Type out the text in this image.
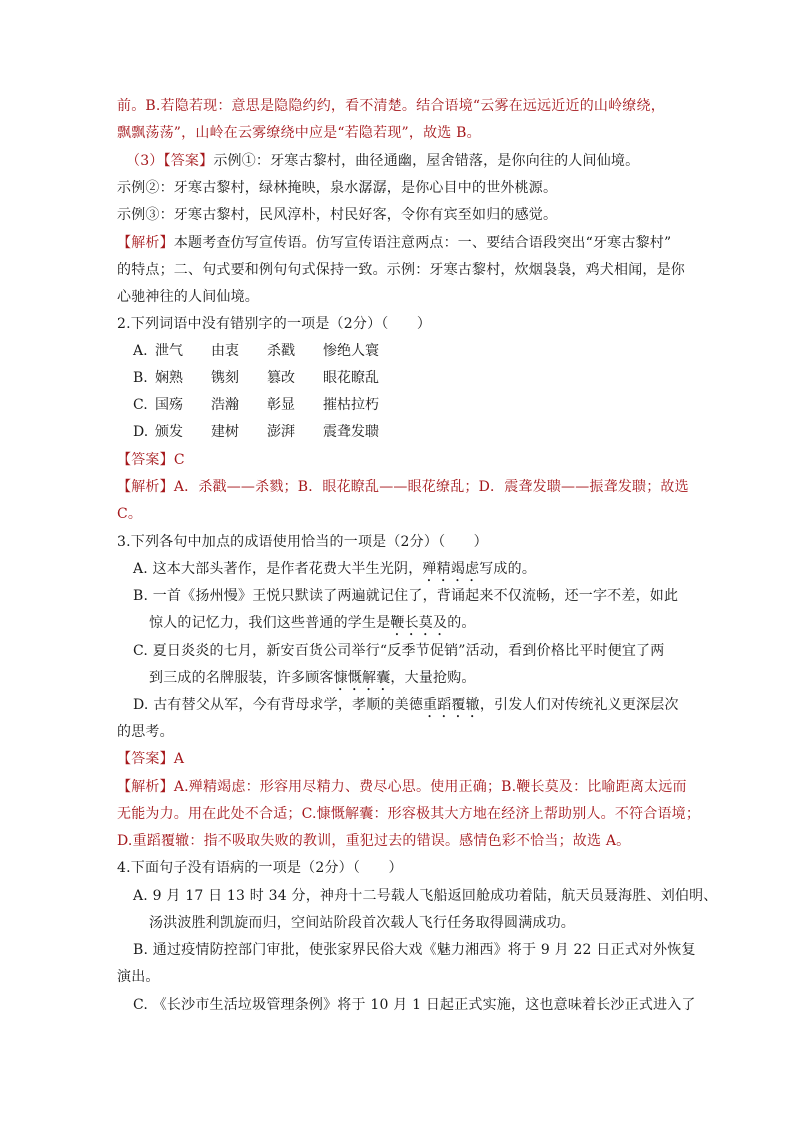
前。B.若隐若现：意思是隐隐约约，看不清楚。结合语境“云雾在远远近近的山岭缭绕，
飘飘荡荡”，山岭在云雾缭绕中应是“若隐若现”，故选 B。
（3）【答案】示例①：牙寒古黎村，曲径通幽，屋舍错落，是你向往的人间仙境。
示例②：牙寒古黎村，绿林掩映，泉水潺潺，是你心目中的世外桃源。
示例③：牙寒古黎村，民风淳朴，村民好客，令你有宾至如归的感觉。
【解析】本题考查仿写宣传语。仿写宣传语注意两点：一、要结合语段突出“牙寒古黎村”
的特点；二、句式要和例句句式保持一致。示例：牙寒古黎村，炊烟袅袅，鸡犬相闻，是你
心驰神往的人间仙境。
2.下列词语中没有错别字的一项是（2分）（　　）
A. 泄气 由衷 杀戳 惨绝人寰
B. 娴熟 镌刻 篡改 眼花瞭乱
C. 国殇 浩瀚 彰显 摧枯拉朽
D. 颁发 建树 澎湃 震聋发聩
【答案】C
【解析】A．杀戳——杀戮；B．眼花瞭乱——眼花缭乱；D．震聋发聩——振聋发聩；故选
C。
3.下列各句中加点的成语使用恰当的一项是（2分）（　　）
A. 这本大部头著作，是作者花费大半生光阴，殚精竭虑写成的。
B. 一首《扬州慢》王悦只默读了两遍就记住了，背诵起来不仅流畅，还一字不差，如此
惊人的记忆力，我们这些普通的学生是鞭长莫及的。
C. 夏日炎炎的七月，新安百货公司举行“反季节促销”活动，看到价格比平时便宜了两
到三成的名牌服装，许多顾客慷慨解囊，大量抢购。
D. 古有替父从军，今有背母求学，孝顺的美德重蹈覆辙，引发人们对传统礼义更深层次
的思考。
【答案】A
【解析】A.殚精竭虑：形容用尽精力、费尽心思。使用正确；B.鞭长莫及：比喻距离太远而
无能为力。用在此处不合适；C.慷慨解囊：形容极其大方地在经济上帮助别人。不符合语境；
D.重蹈覆辙：指不吸取失败的教训，重犯过去的错误。感情色彩不恰当；故选 A。
4.下面句子没有语病的一项是（2分）（　　）
A. 9 月 17 日 13 时 34 分，神舟十二号载人飞船返回舱成功着陆，航天员聂海胜、刘伯明、
汤洪波胜利凯旋而归，空间站阶段首次载人飞行任务取得圆满成功。
B. 通过疫情防控部门审批，使张家界民俗大戏《魅力湘西》将于 9 月 22 日正式对外恢复
演出。
C. 《长沙市生活垃圾管理条例》将于 10 月 1 日起正式实施，这也意味着长沙正式进入了
